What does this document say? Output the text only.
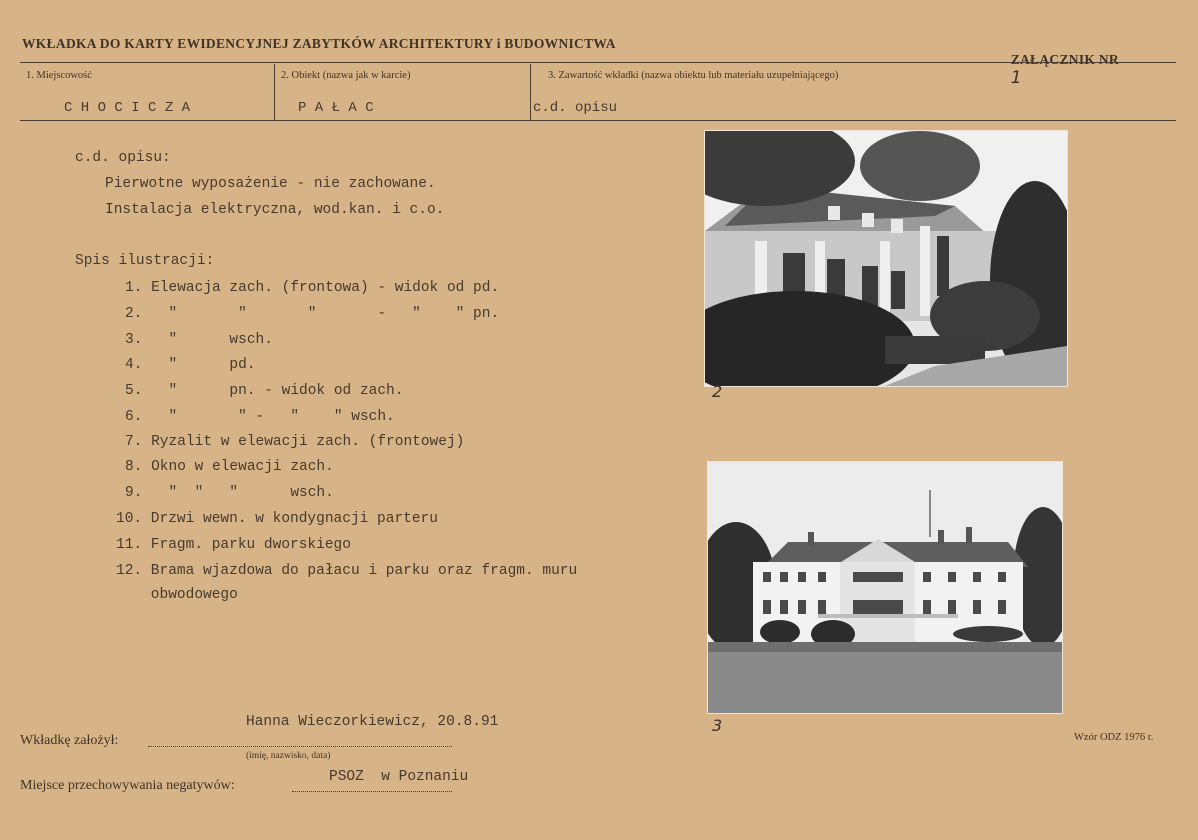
WKŁADKA DO KARTY EWIDENCYJNEJ ZABYTKÓW ARCHITEKTURY i BUDOWNICTWA

ZAŁĄCZNIK NR
1

1. Miejscowość	2. Obiekt (nazwa jak w karcie)	3. Zawartość wkładki (nazwa obiektu lub materiału uzupełniającego)
C H O C I C Z A	P A Ł A C	c.d. opisu
c.d. opisu:
Pierwotne wyposażenie - nie zachowane.
Instalacja elektryczna, wod.kan. i c.o.
Spis ilustracji:
1. Elewacja zach. (frontowa) - widok od pd.
2.   "       "       "       -   "    " pn.
3.   "      wsch.
4.   "      pd.
5.   "      pn. - widok od zach.
6.   "       " -   "    " wsch.
7. Ryzalit w elewacji zach. (frontowej)
8. Okno w elewacji zach.
9.   "  "   "      wsch.
10. Drzwi wewn. w kondygnacji parteru
11. Fragm. parku dworskiego
12. Brama wjazdowa do pałacu i parku oraz fragm. muru
obwodowego
2
3
Hanna Wieczorkiewicz, 20.8.91
Wkładkę założył:
(imię, nazwisko, data)
Wzór ODZ 1976 r.
PSOZ  w Poznaniu
Miejsce przechowywania negatywów:
